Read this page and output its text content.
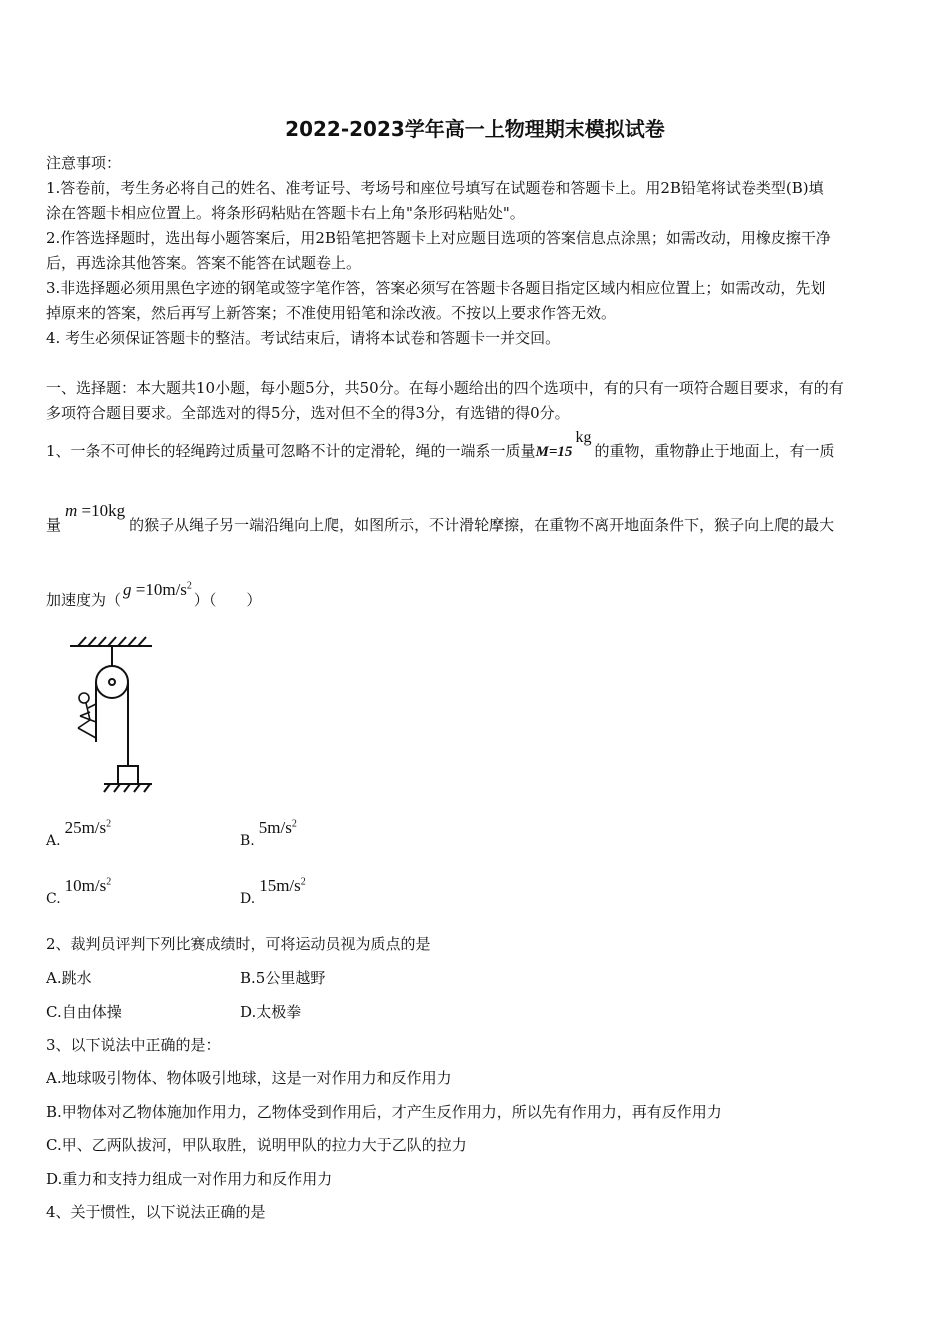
2022-2023学年高一上物理期末模拟试卷
注意事项：
1.答卷前，考生务必将自己的姓名、准考证号、考场号和座位号填写在试题卷和答题卡上。用2B铅笔将试卷类型(B)填
涂在答题卡相应位置上。将条形码粘贴在答题卡右上角"条形码粘贴处"。
2.作答选择题时，选出每小题答案后，用2B铅笔把答题卡上对应题目选项的答案信息点涂黑；如需改动，用橡皮擦干净
后，再选涂其他答案。答案不能答在试题卷上。
3.非选择题必须用黑色字迹的钢笔或签字笔作答，答案必须写在答题卡各题目指定区域内相应位置上；如需改动，先划
掉原来的答案，然后再写上新答案；不准使用铅笔和涂改液。不按以上要求作答无效。
4. 考生必须保证答题卡的整洁。考试结束后，请将本试卷和答题卡一并交回。
一、选择题：本大题共10小题，每小题5分，共50分。在每小题给出的四个选项中，有的只有一项符合题目要求，有的有
多项符合题目要求。全部选对的得5分，选对但不全的得3分，有选错的得0分。
1、一条不可伸长的轻绳跨过质量可忽略不计的定滑轮，绳的一端系一质量M=15kg的重物，重物静止于地面上，有一质
量m =10kg的猴子从绳子另一端沿绳向上爬，如图所示，不计滑轮摩擦，在重物不离开地面条件下，猴子向上爬的最大
加速度为$(g =10m/s^2)$（　　）
$A.25m/s^2$
$B.5m/s^2$
$C.10m/s^2$
$D.15m/s^2$
2、裁判员评判下列比赛成绩时，可将运动员视为质点的是
A.跳水	B.5公里越野
C.自由体操	D.太极拳
3、以下说法中正确的是：
A.地球吸引物体、物体吸引地球，这是一对作用力和反作用力
B.甲物体对乙物体施加作用力，乙物体受到作用后，才产生反作用力，所以先有作用力，再有反作用力
C.甲、乙两队拔河，甲队取胜，说明甲队的拉力大于乙队的拉力
D.重力和支持力组成一对作用力和反作用力
4、关于惯性，以下说法正确的是
